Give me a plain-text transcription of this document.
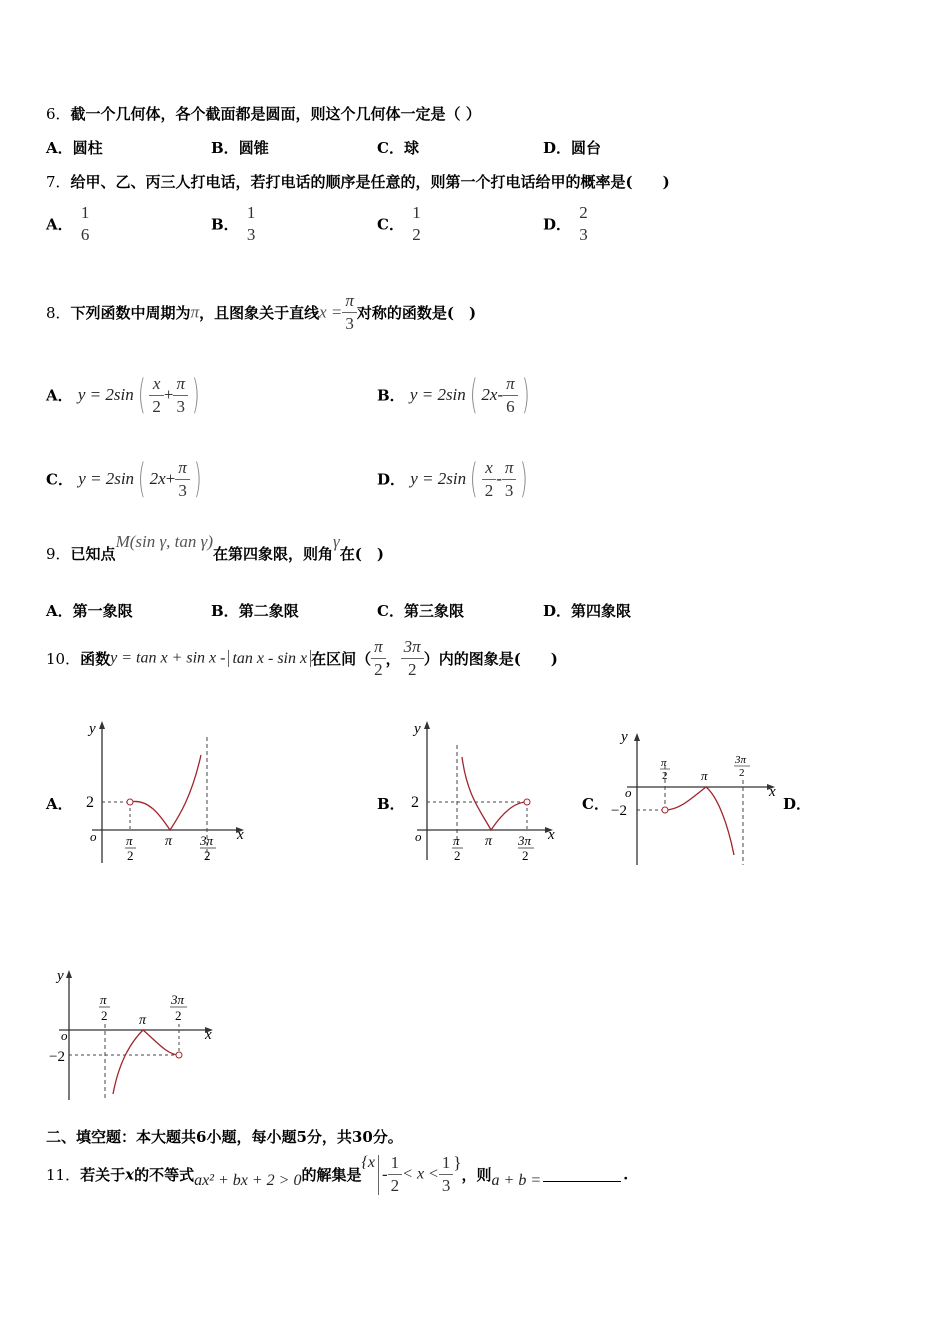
6．截一个几何体，各个截面都是圆面，则这个几何体一定是（ ）
A．圆柱	B．圆锥	C．球	D．圆台
7．给甲、乙、丙三人打电话，若打电话的顺序是任意的，则第一个打电话给甲的概率是(　　)
A．
1
6
B．
1
3
C．
1
2
D．
2
3
8．下列函数中周期为π，且图象关于直线$x = \frac{\pi}{3}$ 对称的函数是(　)
A． $y = 2\sin( \frac{x}{2} + \frac{\pi}{3}$ )	B． y = 2sin( $2x- \frac{\pi}{6}$ )
C． y = 2sin( $2x+ \frac{\pi}{3}$ )	D． $y = 2\sin( \frac{x}{2} - \frac{\pi}{3}$ )
9．已知点M(sin γ, tan γ)在第四象限，则角γ在(　)
A．第一象限	B．第二象限	C．第三象限	D．第四象限
10．函数y = tan x + sin x - tan x - sin x 在区间（ $\frac{\pi}{2}$ ， $\frac{3\pi}{2}$ ）内的图象是(　　)
A．	B．	C．	D．
y
x
o
2
π
2
π 3π
2
y
x
o
2
π
2
π 3π
2
y
x
o
−2
π
2	π
3π
2
y
x
o
−2
π
2 π
3π
2
二、填空题：本大题共6小题，每小题5分，共30分。
11．若关于x的不等式ax² + bx + 2 > 0的解集是{$x- \frac{1}{2} < x < \frac{1}{3}$ }，则a + b =	.
